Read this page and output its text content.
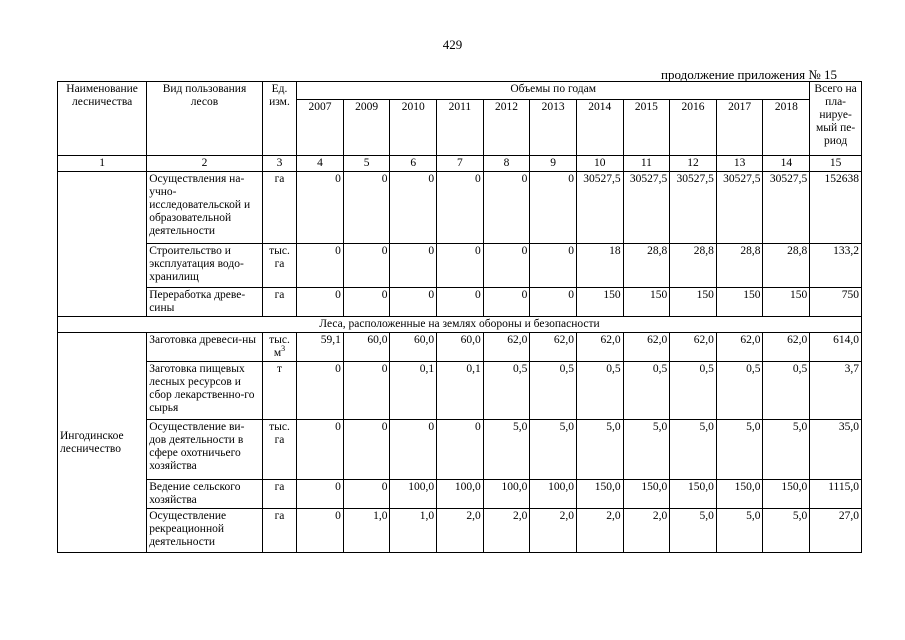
429
продолжение приложения № 15
Наименование лесничества	Вид пользования лесов	Ед. изм.	Объемы по годам											Всего на пла-нируе-мый пе-риод
			2007	2009	2010	2011	2012	2013	2014	2015	2016	2017	2018	
1	2	3	4	5	6	7	8	9	10	11	12	13	14	15
	Осуществления на-учно-исследовательской и образовательной деятельности	га	0	0	0	0	0	0	30527,5	30527,5	30527,5	30527,5	30527,5	152638
	Строительство и эксплуатация водо-хранилищ	тыс. га	0	0	0	0	0	0	18	28,8	28,8	28,8	28,8	133,2
	Переработка древе-сины	га	0	0	0	0	0	0	150	150	150	150	150	750
Леса, расположенные на землях обороны и безопасности														
Ингодинское лесничество	Заготовка древеси-ны	тыс. $м^3$	59,1	60,0	60,0	60,0	62,0	62,0	62,0	62,0	62,0	62,0	62,0	614,0
	Заготовка пищевых лесных ресурсов и сбор лекарственно-го сырья	т	0	0	0,1	0,1	0,5	0,5	0,5	0,5	0,5	0,5	0,5	3,7
	Осуществление ви-дов деятельности в сфере охотничьего хозяйства	тыс. га	0	0	0	0	5,0	5,0	5,0	5,0	5,0	5,0	5,0	35,0
	Ведение сельского хозяйства	га	0	0	100,0	100,0	100,0	100,0	150,0	150,0	150,0	150,0	150,0	1115,0
	Осуществление рекреационной деятельности	га	0	1,0	1,0	2,0	2,0	2,0	2,0	2,0	5,0	5,0	5,0	27,0
